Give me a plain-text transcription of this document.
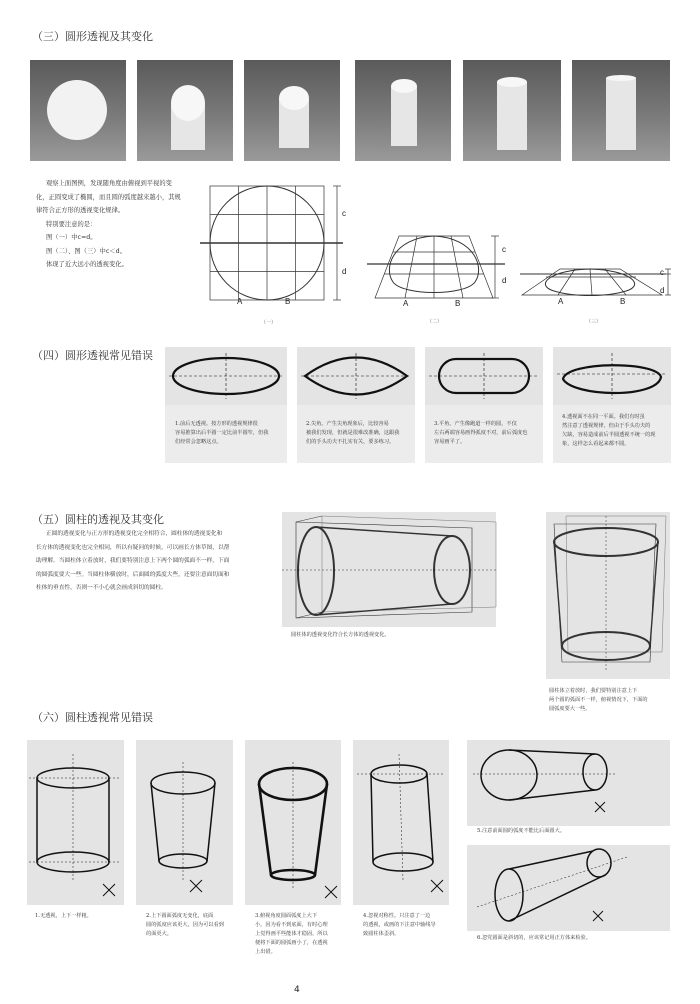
（三）圆形透视及其变化
观察上面图例，发现随角度由俯视到平视的变
化，正圆变成了椭圆，而且圆的弧度越来越小，其规
律符合正方形的透视变化规律。
特别要注意的是：
图（一）中c=d。
图（二）、图（三）中c＜d。
体现了近大远小的透视变化。
c
d
A	B
（一）
c
d
A	B
（二）
c
d
A	B
（三）
（四）圆形透视常见错误
1.前后无透视。按方形的透视规律很
容易推算出后半圆一定比前半圆窄，但我
们经常会忽略这点。
2.尖角。产生尖角现象后，比较容易
被我们发现，但就是很难改准确，这跟我
们的手头功夫不扎实有关，要多练习。
3.平角。产生像跑道一样的圆，不仅
左右两端容易画得弧度不对，前后弧度也
容易画平了。
4.透视面不在同一平面。我们有时虽
然注意了透视规律，但由于手头功夫的
欠缺，容易造成前后半圆透视不统一的现
象，这样怎么看起来都不圆。
（五）圆柱的透视及其变化
正圆的透视变化与正方形的透视变化完全相符合，圆柱体的透视变化和
长方体的透视变化也完全相同，所以有疑问的时候，可以画长方体草图，以帮
助理解。当圆柱体立着放时，我们要特别注意上下两个圆的弧面不一样，下面
的圆弧度要大一些。当圆柱体横放时，后面圆的弧度大些，还要注意面切面和
柱体的垂直性，否则一不小心就会画成斜切的圆柱。
圆柱体的透视变化符合长方体的透视变化。
圆柱体立着放时，我们要特别注意上下
两个圆的弧面不一样，俯视情况下，下面的
圆弧度要大一些。
（六）圆柱透视常见错误
1.无透视，上下一样粗。	2.上下圆面弧度无变化，底面
圆的弧度应该更大，因为可以看到
的面更大。
3.俯视角度圆面弧度上大下
小。因为看不到底面，有时心理
上觉得画平些能体才稳固，所以
便将下面的圆弧画小了，在透视
上出错。
4.忽视对称性。只注意了一边
的透视，或画的下注意中轴线导
致圆柱体歪斜。
5.注意前面圆的弧度不能比后面圆大。
6.忽党圆面是斜切的，应该常记用正方体来检验。
4
